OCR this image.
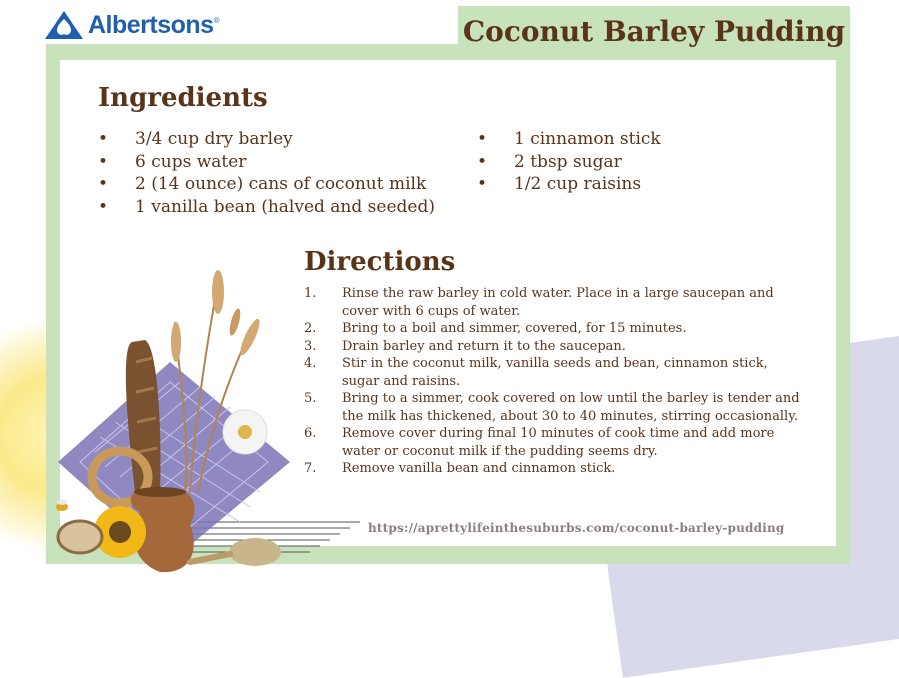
Albertsons ®	Coconut Barley Pudding
Ingredients
• 3/4 cup dry barley
• 6 cups water
• 2 (14 ounce) cans of coconut milk
• 1 vanilla bean (halved and seeded)
• 1 cinnamon stick
• 2 tbsp sugar
• 1/2 cup raisins
Directions
1. Rinse the raw barley in cold water. Place in a large saucepan and cover with 6 cups of water.
2. Bring to a boil and simmer, covered, for 15 minutes.
3. Drain barley and return it to the saucepan.
4. Stir in the coconut milk, vanilla seeds and bean, cinnamon stick, sugar and raisins.
5. Bring to a simmer, cook covered on low until the barley is tender and the milk has thickened, about 30 to 40 minutes, stirring occasionally.
6. Remove cover during final 10 minutes of cook time and add more water or coconut milk if the pudding seems dry.
7. Remove vanilla bean and cinnamon stick.
https://aprettylifeinthesuburbs.com/coconut-barley-pudding
